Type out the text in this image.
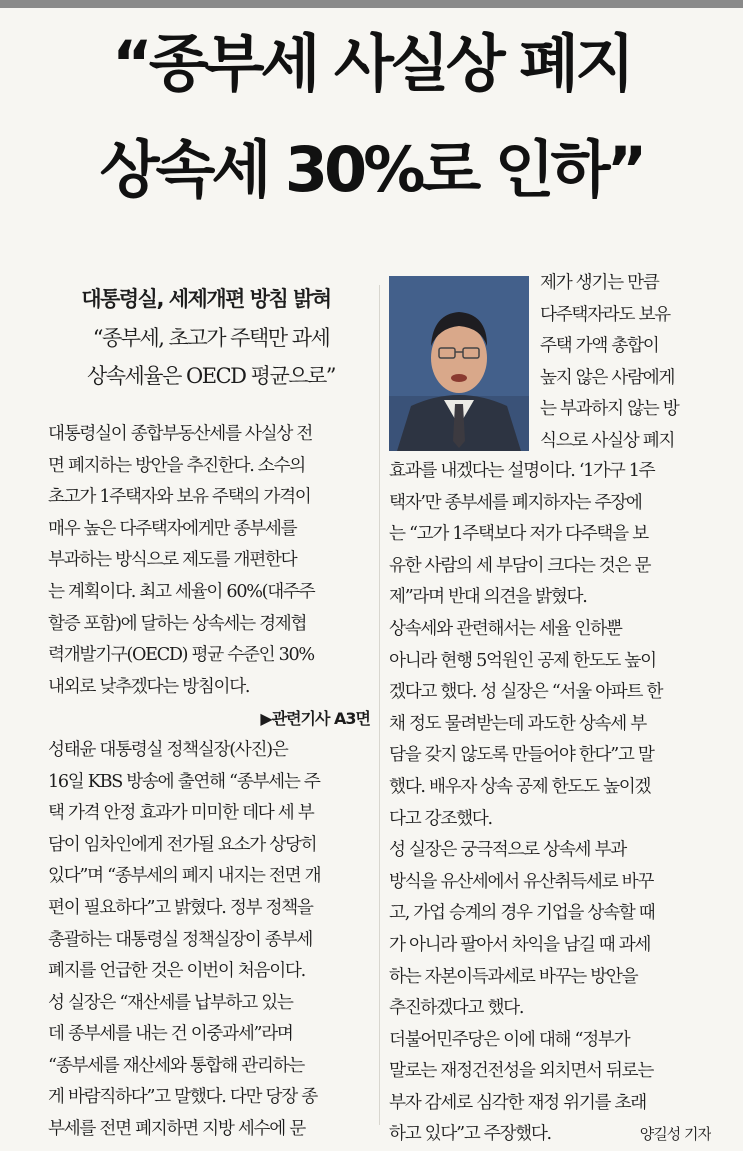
“종부세 사실상 폐지
상속세 30%로 인하”
대통령실, 세제개편 방침 밝혀
“종부세, 초고가 주택만 과세
상속세율은 OECD 평균으로”
대통령실이 종합부동산세를 사실상 전
면 폐지하는 방안을 추진한다. 소수의
초고가 1주택자와 보유 주택의 가격이
매우 높은 다주택자에게만 종부세를
부과하는 방식으로 제도를 개편한다
는 계획이다. 최고 세율이 60%(대주주
할증 포함)에 달하는 상속세는 경제협
력개발기구(OECD) 평균 수준인 30%
내외로 낮추겠다는 방침이다.
▶관련기사 A3면
성태윤 대통령실 정책실장(사진)은
16일 KBS 방송에 출연해 “종부세는 주
택 가격 안정 효과가 미미한 데다 세 부
담이 임차인에게 전가될 요소가 상당히
있다”며 “종부세의 폐지 내지는 전면 개
편이 필요하다”고 밝혔다. 정부 정책을
총괄하는 대통령실 정책실장이 종부세
폐지를 언급한 것은 이번이 처음이다.
성 실장은 “재산세를 납부하고 있는
데 종부세를 내는 건 이중과세”라며
“종부세를 재산세와 통합해 관리하는
게 바람직하다”고 말했다. 다만 당장 종
부세를 전면 폐지하면 지방 세수에 문
제가 생기는 만큼
다주택자라도 보유
주택 가액 총합이
높지 않은 사람에게
는 부과하지 않는 방
식으로 사실상 폐지
효과를 내겠다는 설명이다. ‘1가구 1주
택자’만 종부세를 폐지하자는 주장에
는 “고가 1주택보다 저가 다주택을 보
유한 사람의 세 부담이 크다는 것은 문
제”라며 반대 의견을 밝혔다.
상속세와 관련해서는 세율 인하뿐
아니라 현행 5억원인 공제 한도도 높이
겠다고 했다. 성 실장은 “서울 아파트 한
채 정도 물려받는데 과도한 상속세 부
담을 갖지 않도록 만들어야 한다”고 말
했다. 배우자 상속 공제 한도도 높이겠
다고 강조했다.
성 실장은 궁극적으로 상속세 부과
방식을 유산세에서 유산취득세로 바꾸
고, 가업 승계의 경우 기업을 상속할 때
가 아니라 팔아서 차익을 남길 때 과세
하는 자본이득과세로 바꾸는 방안을
추진하겠다고 했다.
더불어민주당은 이에 대해 “정부가
말로는 재정건전성을 외치면서 뒤로는
부자 감세로 심각한 재정 위기를 초래
하고 있다”고 주장했다.	양길성 기자
